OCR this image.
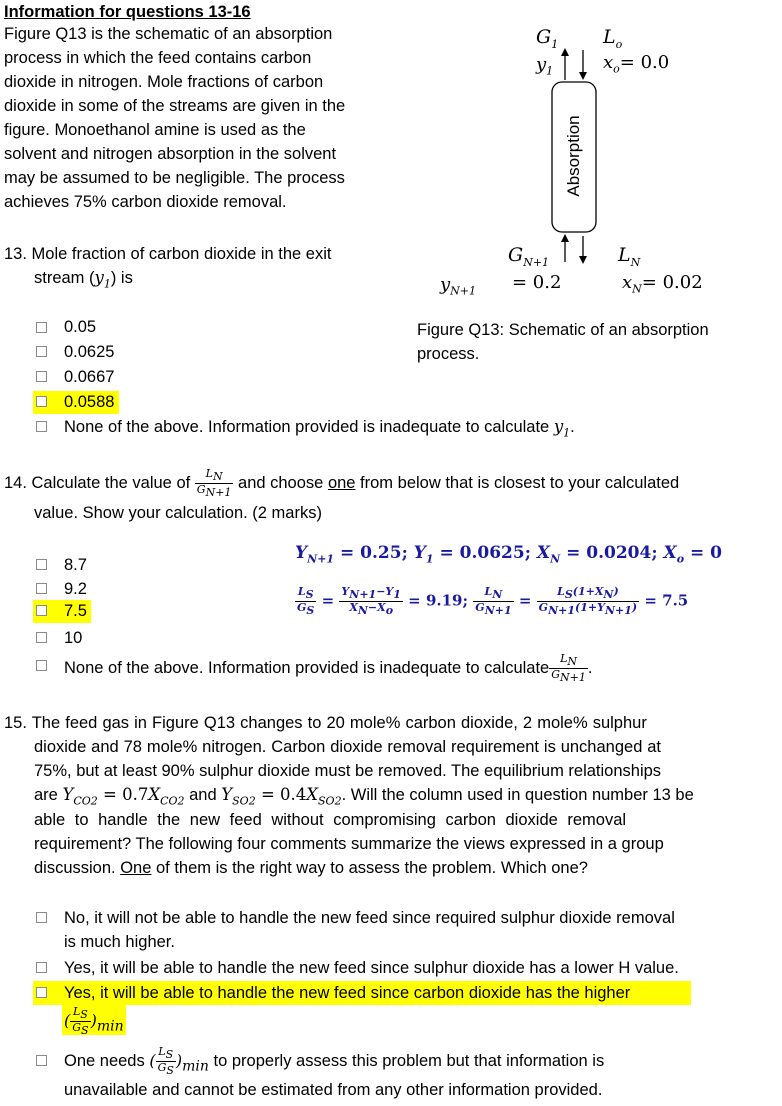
Information for questions 13-16
Figure Q13 is the schematic of an absorption
process in which the feed contains carbon
dioxide in nitrogen. Mole fractions of carbon
dioxide in some of the streams are given in the
figure. Monoethanol amine is used as the
solvent and nitrogen absorption in the solvent
may be assumed to be negligible. The process
achieves 75% carbon dioxide removal.
$G_1$
$y_1$
$L_o$
$x_o= 0.0$
Absorption
$G_{N+1}$
$y_{N+1} = 0.2$
$L_N$
$x_N= 0.02$
Figure Q13: Schematic of an absorption
process.
13. Mole fraction of carbon dioxide in the exit
stream $(y_1)$ is
0.05
0.0625
0.0667
0.0588
None of the above. Information provided is inadequate to calculate $y_1$.
14. Calculate the value of $\frac{L_N}{G_{N+1}}$ and choose one from below that is closest to your calculated
value. Show your calculation. (2 marks)
$Y_{N+1} = 0.25$; $Y_1 = 0.0625$; $X_N = 0.0204$; $X_o = 0$
$\frac{L_S}{G_S} = \frac{Y_{N+1}-Y_1}{X_N-X_o} = 9.19$; $\frac{L_N}{G_{N+1}} = \frac{L_S(1+X_N)}{G_{N+1}(1+Y_{N+1})} = 7.5$
8.7
9.2
7.5
10
None of the above. Information provided is inadequate to calculate $\frac{L_N}{G_{N+1}}$ .
15. The feed gas in Figure Q13 changes to 20 mole% carbon dioxide, 2 mole% sulphur
dioxide and 78 mole% nitrogen. Carbon dioxide removal requirement is unchanged at
75%, but at least 90% sulphur dioxide must be removed. The equilibrium relationships
are $Y_{CO2} = 0.7X_{CO2}$ and $Y_{SO2} = 0.4X_{SO2}$. Will the column used in question number 13 be
able to handle the new feed without compromising carbon dioxide removal
requirement? The following four comments summarize the views expressed in a group
discussion. One of them is the right way to assess the problem. Which one?
No, it will not be able to handle the new feed since required sulphur dioxide removal
is much higher.
Yes, it will be able to handle the new feed since sulphur dioxide has a lower H value.
Yes, it will be able to handle the new feed since carbon dioxide has the higher
( $\frac{L_S}{G_S} )_{min}$
One needs ( $\frac{L_S}{G_S} )_{min}$ to properly assess this problem but that information is
unavailable and cannot be estimated from any other information provided.
